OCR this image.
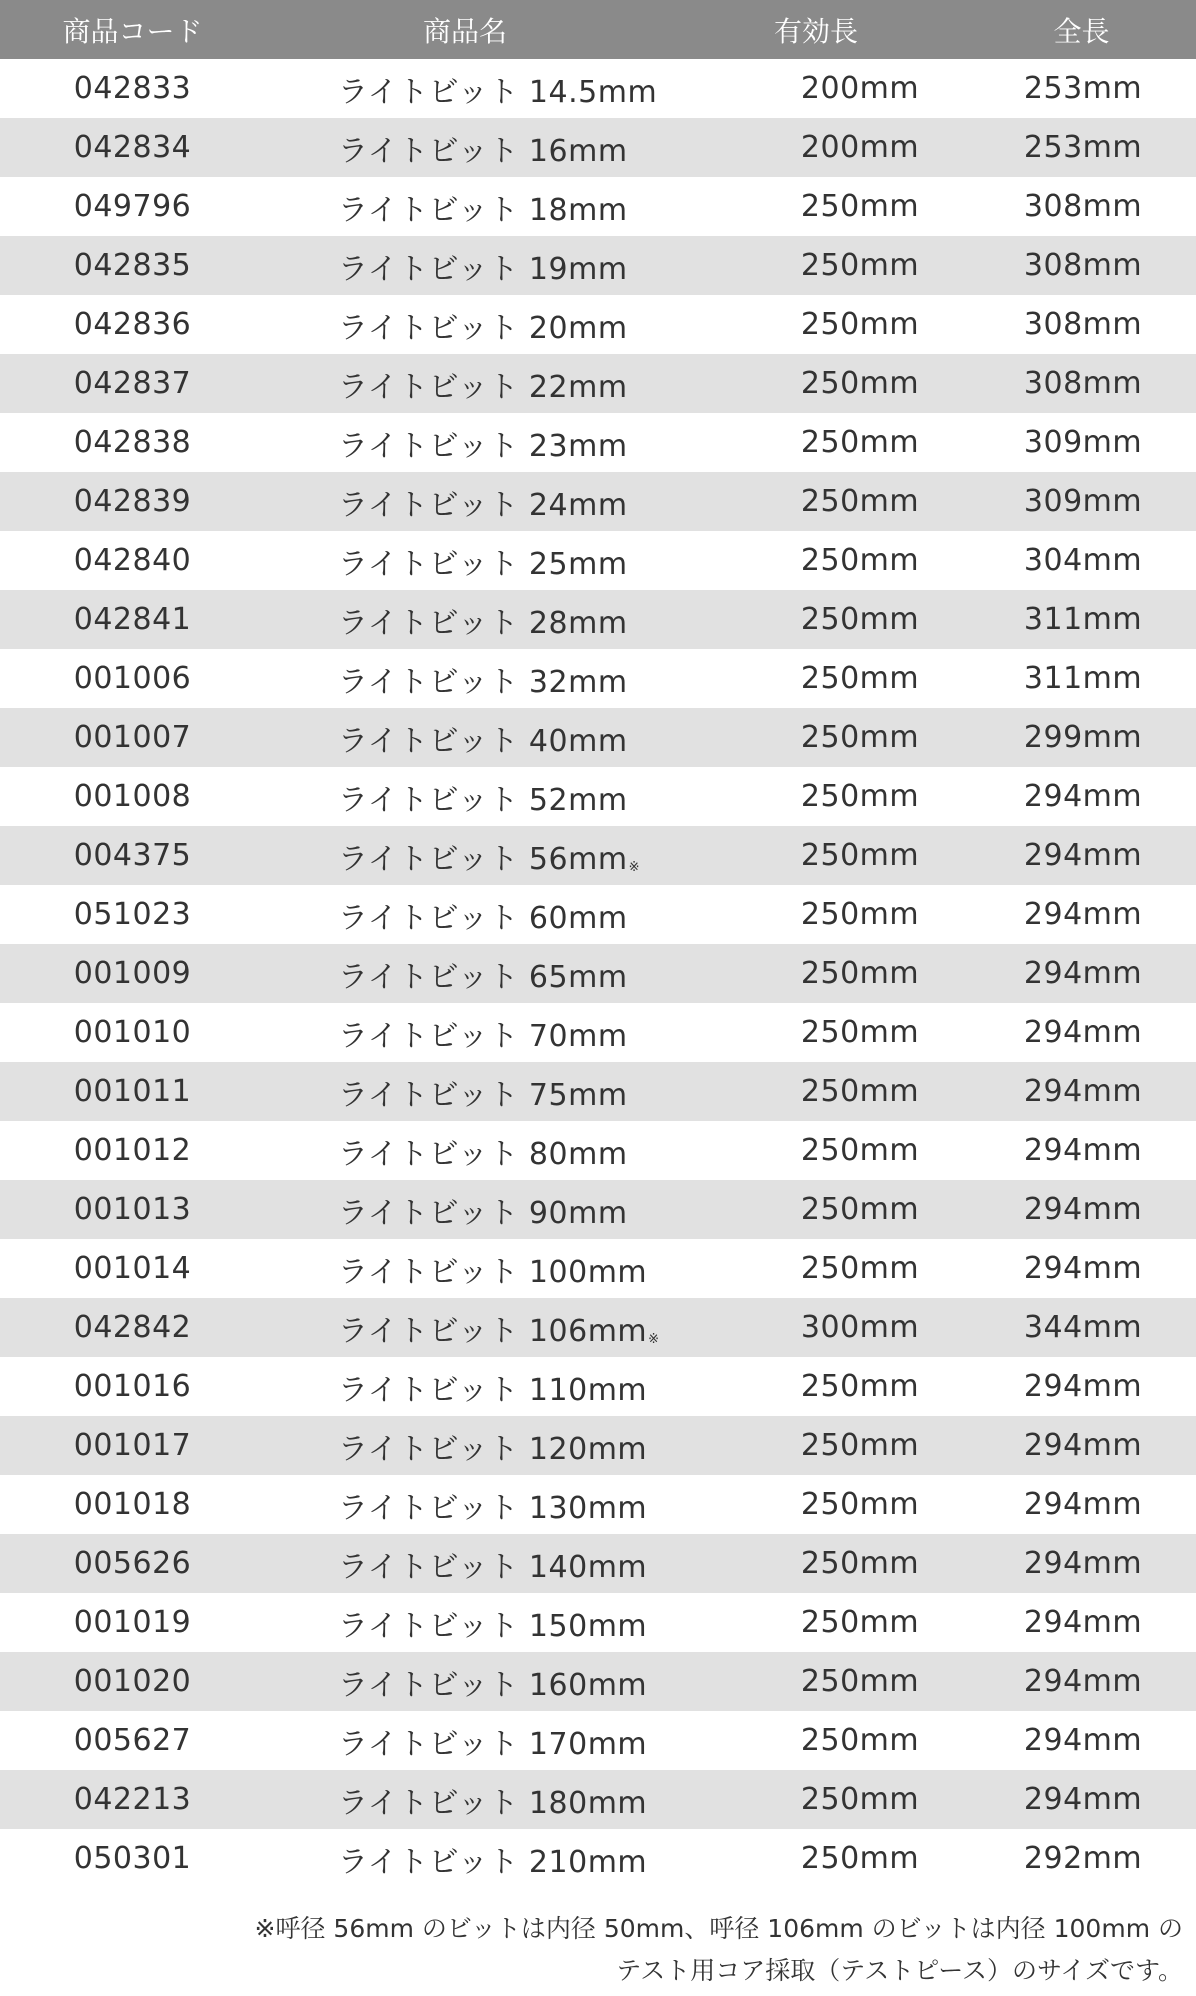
商品コード	商品名	有効長	全長
042833	ライトビット 14.5mm	200mm	253mm
042834	ライトビット 16mm	200mm	253mm
049796	ライトビット 18mm	250mm	308mm
042835	ライトビット 19mm	250mm	308mm
042836	ライトビット 20mm	250mm	308mm
042837	ライトビット 22mm	250mm	308mm
042838	ライトビット 23mm	250mm	309mm
042839	ライトビット 24mm	250mm	309mm
042840	ライトビット 25mm	250mm	304mm
042841	ライトビット 28mm	250mm	311mm
001006	ライトビット 32mm	250mm	311mm
001007	ライトビット 40mm	250mm	299mm
001008	ライトビット 52mm	250mm	294mm
004375	ライトビット 56mm※	250mm	294mm
051023	ライトビット 60mm	250mm	294mm
001009	ライトビット 65mm	250mm	294mm
001010	ライトビット 70mm	250mm	294mm
001011	ライトビット 75mm	250mm	294mm
001012	ライトビット 80mm	250mm	294mm
001013	ライトビット 90mm	250mm	294mm
001014	ライトビット 100mm	250mm	294mm
042842	ライトビット 106mm※	300mm	344mm
001016	ライトビット 110mm	250mm	294mm
001017	ライトビット 120mm	250mm	294mm
001018	ライトビット 130mm	250mm	294mm
005626	ライトビット 140mm	250mm	294mm
001019	ライトビット 150mm	250mm	294mm
001020	ライトビット 160mm	250mm	294mm
005627	ライトビット 170mm	250mm	294mm
042213	ライトビット 180mm	250mm	294mm
050301	ライトビット 210mm	250mm	292mm
※呼径 56mm のビットは内径 50mm、呼径 106mm のビットは内径 100mm の
テスト用コア採取（テストピース）のサイズです。
